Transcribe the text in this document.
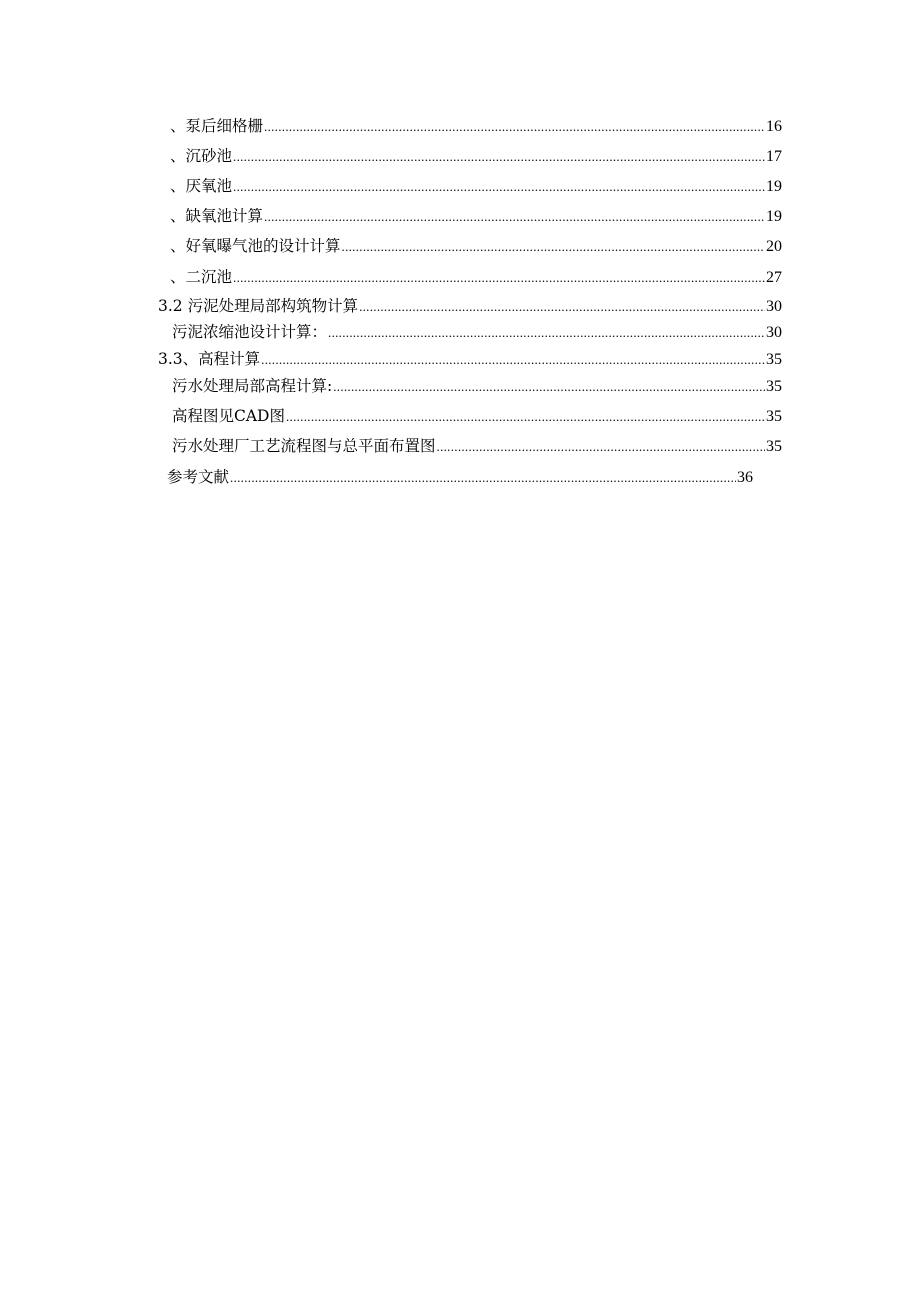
、泵后细格栅 .....	16
、沉砂池 .....	17
、厌氧池 .....	19
、缺氧池计算 .....	19
、好氧曝气池的设计计算 .....	20
、二沉池 .....	27
3.2 污泥处理局部构筑物计算 .....	30
污泥浓缩池设计计算： .....	30
3.3、高程计算 .....	35
污水处理局部高程计算: .....	35
高程图见CAD图 .....	35
污水处理厂工艺流程图与总平面布置图 .....	35
参考文献 .....	36
